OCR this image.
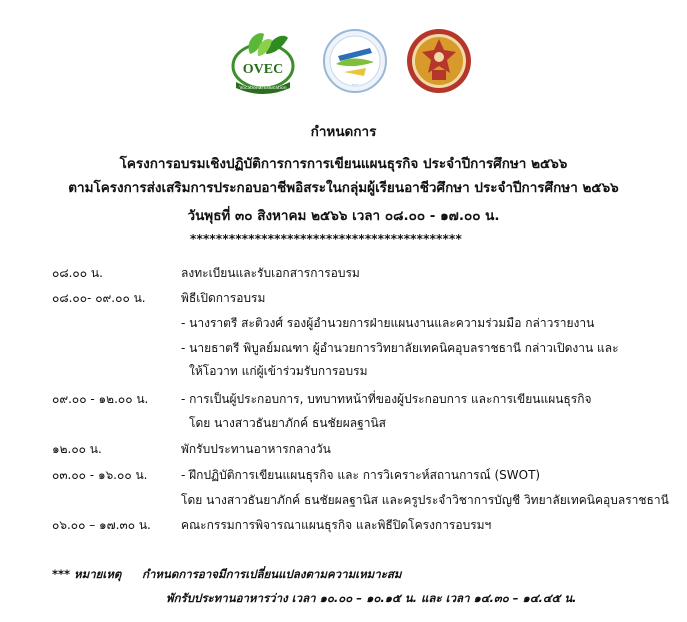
OVEC
Vocational Education
·····
กำหนดการ
โครงการอบรมเชิงปฏิบัติการการการเขียนแผนธุรกิจ ประจำปีการศึกษา ๒๕๖๖
ตามโครงการส่งเสริมการประกอบอาชีพอิสระในกลุ่มผู้เรียนอาชีวศึกษา ประจำปีการศึกษา ๒๕๖๖
วันพุธที่ ๓๐ สิงหาคม ๒๕๖๖ เวลา ๐๘.๐๐ - ๑๗.๐๐ น.
******************************************
๐๘.๐๐ น.	ลงทะเบียนและรับเอกสารการอบรม
๐๘.๐๐- ๐๙.๐๐ น.	พิธีเปิดการอบรม
- นางราตรี สะติวงศ์ รองผู้อำนวยการฝ่ายแผนงานและความร่วมมือ กล่าวรายงาน
- นายธาตรี พิบูลย์มณฑา ผู้อำนวยการวิทยาลัยเทคนิคอุบลราชธานี กล่าวเปิดงาน และ
ให้โอวาท แก่ผู้เข้าร่วมรับการอบรม
๐๙.๐๐ - ๑๒.๐๐ น.	- การเป็นผู้ประกอบการ, บทบาทหน้าที่ของผู้ประกอบการ และการเขียนแผนธุรกิจ
โดย นางสาวธันยาภักค์ ธนชัยผลฐานิส
๑๒.๐๐ น.	พักรับประทานอาหารกลางวัน
๐๓.๐๐ - ๑๖.๐๐ น.	- ฝึกปฏิบัติการเขียนแผนธุรกิจ และ การวิเคราะห์สถานการณ์ (SWOT)
โดย นางสาวธันยาภักค์ ธนชัยผลฐานิส และครูประจำวิชาการบัญชี วิทยาลัยเทคนิคอุบลราชธานี
๐๖.๐๐ – ๑๗.๓๐ น.	คณะกรรมการพิจารณาแผนธุรกิจ และพิธีปิดโครงการอบรมฯ
*** หมายเหตุ กำหนดการอาจมีการเปลี่ยนแปลงตามความเหมาะสม
พักรับประทานอาหารว่าง เวลา ๑๐.๐๐ – ๑๐.๑๕ น. และ เวลา ๑๔.๓๐ – ๑๔.๔๕ น.
